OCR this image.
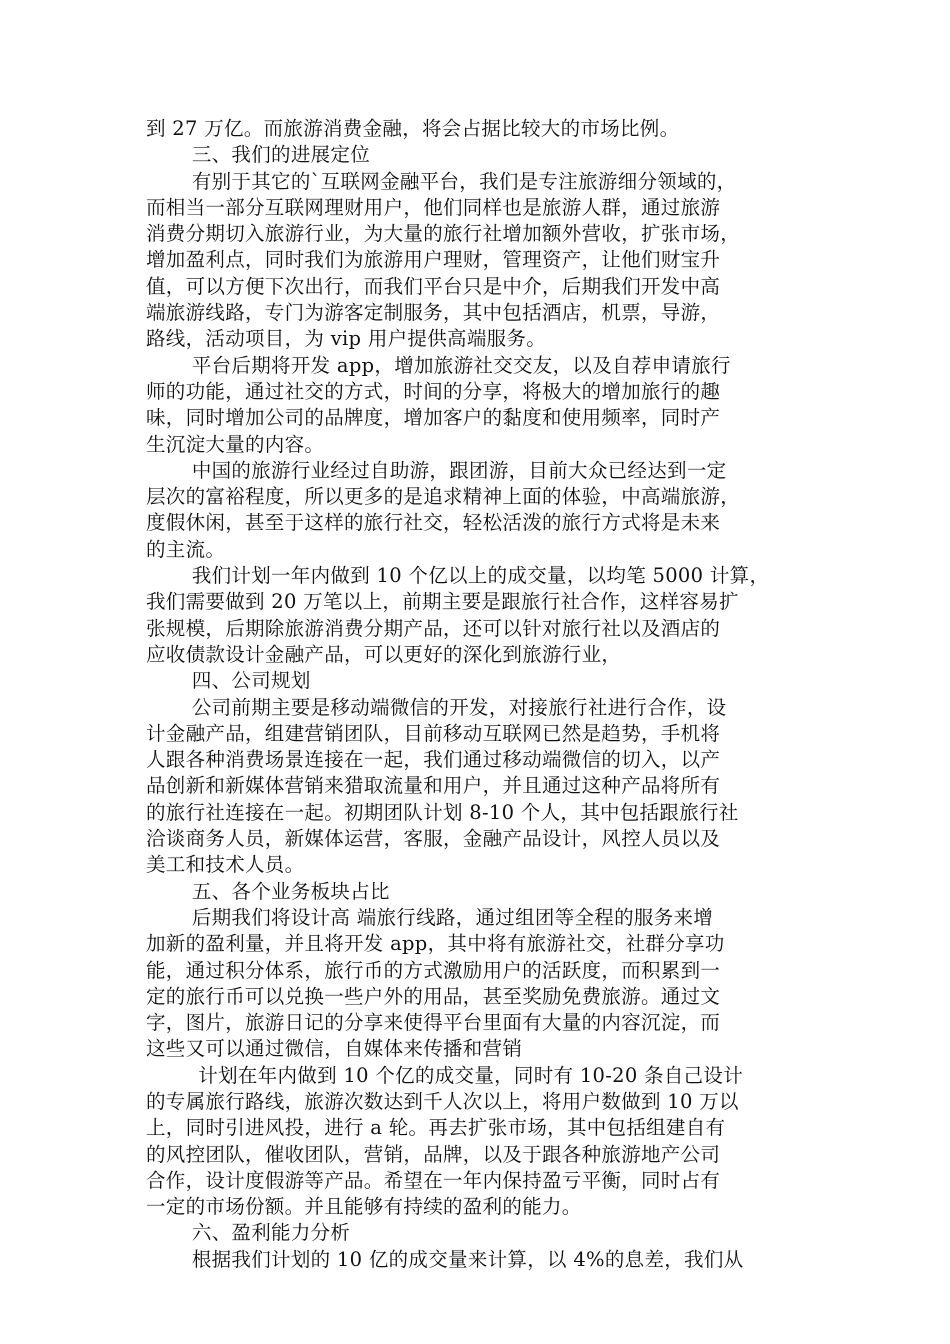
到 27 万亿。而旅游消费金融，将会占据比较大的市场比例。

三、我们的进展定位

有别于其它的`互联网金融平台，我们是专注旅游细分领域的，

而相当一部分互联网理财用户，他们同样也是旅游人群，通过旅游

消费分期切入旅游行业，为大量的旅行社增加额外营收，扩张市场，

增加盈利点，同时我们为旅游用户理财，管理资产，让他们财宝升

值，可以方便下次出行，而我们平台只是中介，后期我们开发中高

端旅游线路，专门为游客定制服务，其中包括酒店，机票，导游，

路线，活动项目，为 vip 用户提供高端服务。

平台后期将开发 app，增加旅游社交交友，以及自荐申请旅行

师的功能，通过社交的方式，时间的分享，将极大的增加旅行的趣

味，同时增加公司的品牌度，增加客户的黏度和使用频率，同时产

生沉淀大量的内容。

中国的旅游行业经过自助游，跟团游，目前大众已经达到一定

层次的富裕程度，所以更多的是追求精神上面的体验，中高端旅游，

度假休闲，甚至于这样的旅行社交，轻松活泼的旅行方式将是未来

的主流。

我们计划一年内做到 10 个亿以上的成交量，以均笔 5000 计算，

我们需要做到 20 万笔以上，前期主要是跟旅行社合作，这样容易扩

张规模，后期除旅游消费分期产品，还可以针对旅行社以及酒店的

应收债款设计金融产品，可以更好的深化到旅游行业，

四、公司规划

公司前期主要是移动端微信的开发，对接旅行社进行合作，设

计金融产品，组建营销团队，目前移动互联网已然是趋势，手机将

人跟各种消费场景连接在一起，我们通过移动端微信的切入，以产

品创新和新媒体营销来猎取流量和用户，并且通过这种产品将所有

的旅行社连接在一起。初期团队计划 8-10 个人，其中包括跟旅行社

洽谈商务人员，新媒体运营，客服，金融产品设计，风控人员以及

美工和技术人员。

五、各个业务板块占比

后期我们将设计高 端旅行线路，通过组团等全程的服务来增

加新的盈利量，并且将开发 app，其中将有旅游社交，社群分享功

能，通过积分体系，旅行币的方式激励用户的活跃度，而积累到一

定的旅行币可以兑换一些户外的用品，甚至奖励免费旅游。通过文

字，图片，旅游日记的分享来使得平台里面有大量的内容沉淀，而

这些又可以通过微信，自媒体来传播和营销

计划在年内做到 10 个亿的成交量，同时有 10-20 条自己设计

的专属旅行路线，旅游次数达到千人次以上，将用户数做到 10 万以

上，同时引进风投，进行 a 轮。再去扩张市场，其中包括组建自有

的风控团队，催收团队，营销，品牌，以及于跟各种旅游地产公司

合作，设计度假游等产品。希望在一年内保持盈亏平衡，同时占有

一定的市场份额。并且能够有持续的盈利的能力。

六、盈利能力分析

根据我们计划的 10 亿的成交量来计算，以 4%的息差，我们从
